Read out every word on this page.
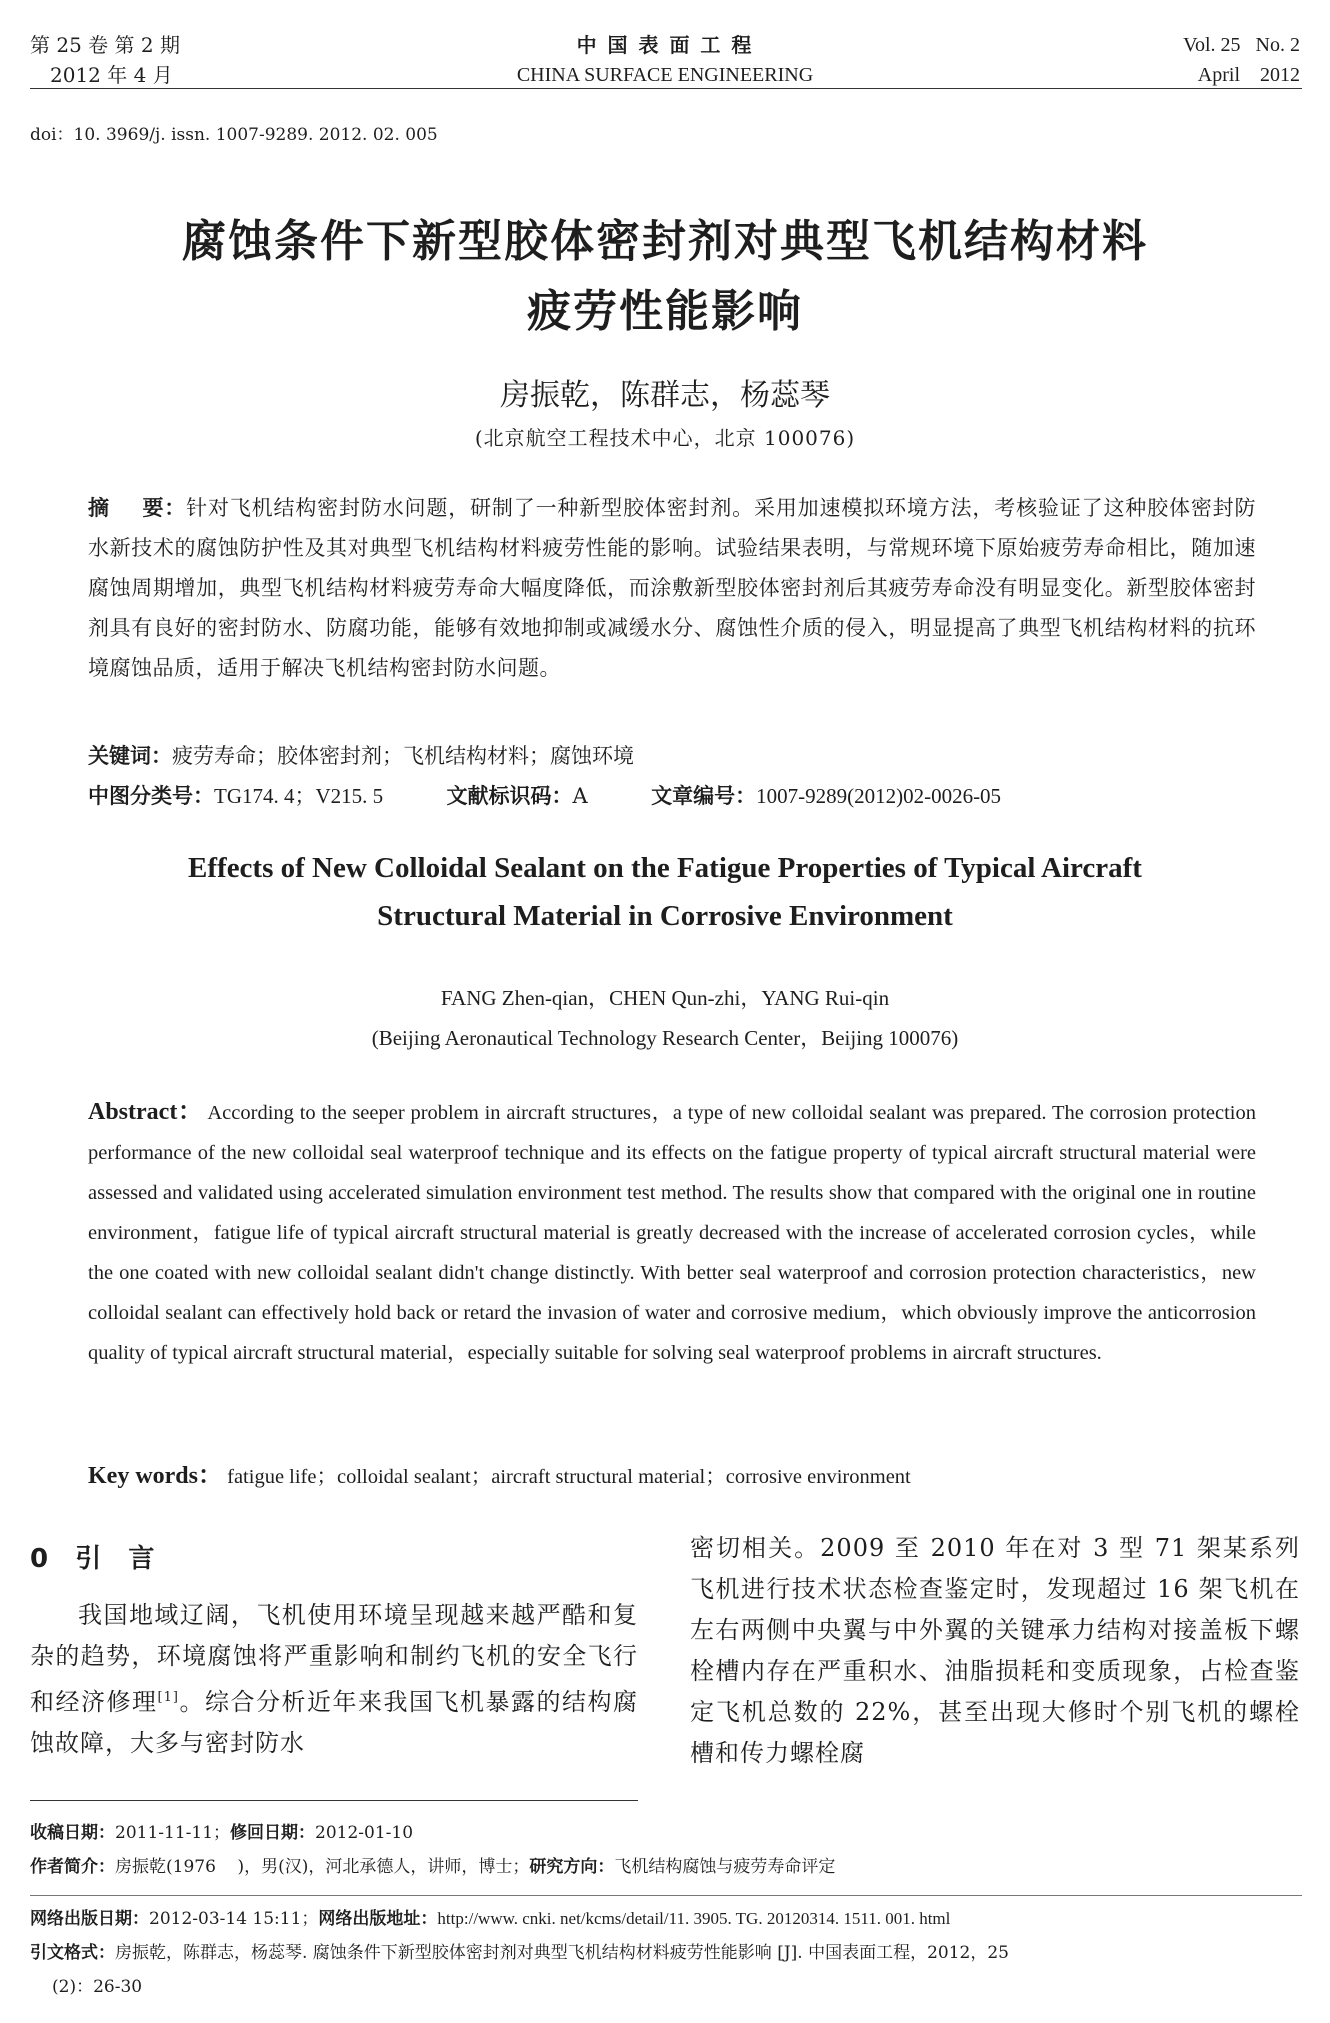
第 25 卷 第 2 期
2012 年 4 月
中 国 表 面 工 程
CHINA SURFACE ENGINEERING
Vol. 25   No. 2
April    2012
doi：10. 3969/j. issn. 1007-9289. 2012. 02. 005
腐蚀条件下新型胶体密封剂对典型飞机结构材料
疲劳性能影响
房振乾，陈群志，杨蕊琴
(北京航空工程技术中心，北京 100076)
摘    要：针对飞机结构密封防水问题，研制了一种新型胶体密封剂。采用加速模拟环境方法，考核验证了这种胶体密封防水新技术的腐蚀防护性及其对典型飞机结构材料疲劳性能的影响。试验结果表明，与常规环境下原始疲劳寿命相比，随加速腐蚀周期增加，典型飞机结构材料疲劳寿命大幅度降低，而涂敷新型胶体密封剂后其疲劳寿命没有明显变化。新型胶体密封剂具有良好的密封防水、防腐功能，能够有效地抑制或减缓水分、腐蚀性介质的侵入，明显提高了典型飞机结构材料的抗环境腐蚀品质，适用于解决飞机结构密封防水问题。
关键词：疲劳寿命；胶体密封剂；飞机结构材料；腐蚀环境
中图分类号：TG174. 4；V215. 5	文献标识码：A	文章编号：1007-9289(2012)02-0026-05
Effects of New Colloidal Sealant on the Fatigue Properties of Typical Aircraft
Structural Material in Corrosive Environment
FANG Zhen-qian，CHEN Qun-zhi，YANG Rui-qin
(Beijing Aeronautical Technology Research Center，Beijing 100076)
Abstract： According to the seeper problem in aircraft structures，a type of new colloidal sealant was prepared. The corrosion protection performance of the new colloidal seal waterproof technique and its effects on the fatigue property of typical aircraft structural material were assessed and validated using accelerated simulation environment test method. The results show that compared with the original one in routine environment，fatigue life of typical aircraft structural material is greatly decreased with the increase of accelerated corrosion cycles，while the one coated with new colloidal sealant didn't change distinctly. With better seal waterproof and corrosion protection characteristics，new colloidal sealant can effectively hold back or retard the invasion of water and corrosive medium，which obviously improve the anticorrosion quality of typical aircraft structural material，especially suitable for solving seal waterproof problems in aircraft structures.
Key words： fatigue life；colloidal sealant；aircraft structural material；corrosive environment
0   引   言
我国地域辽阔，飞机使用环境呈现越来越严酷和复杂的趋势，环境腐蚀将严重影响和制约飞机的安全飞行和经济修理[1]。综合分析近年来我国飞机暴露的结构腐蚀故障，大多与密封防水
密切相关。2009 至 2010 年在对 3 型 71 架某系列飞机进行技术状态检查鉴定时，发现超过 16 架飞机在左右两侧中央翼与中外翼的关键承力结构对接盖板下螺栓槽内存在严重积水、油脂损耗和变质现象，占检查鉴定飞机总数的 22%，甚至出现大修时个别飞机的螺栓槽和传力螺栓腐
收稿日期：2011-11-11；修回日期：2012-01-10
作者简介：房振乾(1976    )，男(汉)，河北承德人，讲师，博士；研究方向：飞机结构腐蚀与疲劳寿命评定
网络出版日期：2012-03-14 15:11；网络出版地址：http://www. cnki. net/kcms/detail/11. 3905. TG. 20120314. 1511. 001. html
引文格式：房振乾，陈群志，杨蕊琴. 腐蚀条件下新型胶体密封剂对典型飞机结构材料疲劳性能影响 [J]. 中国表面工程，2012，25
(2)：26-30
